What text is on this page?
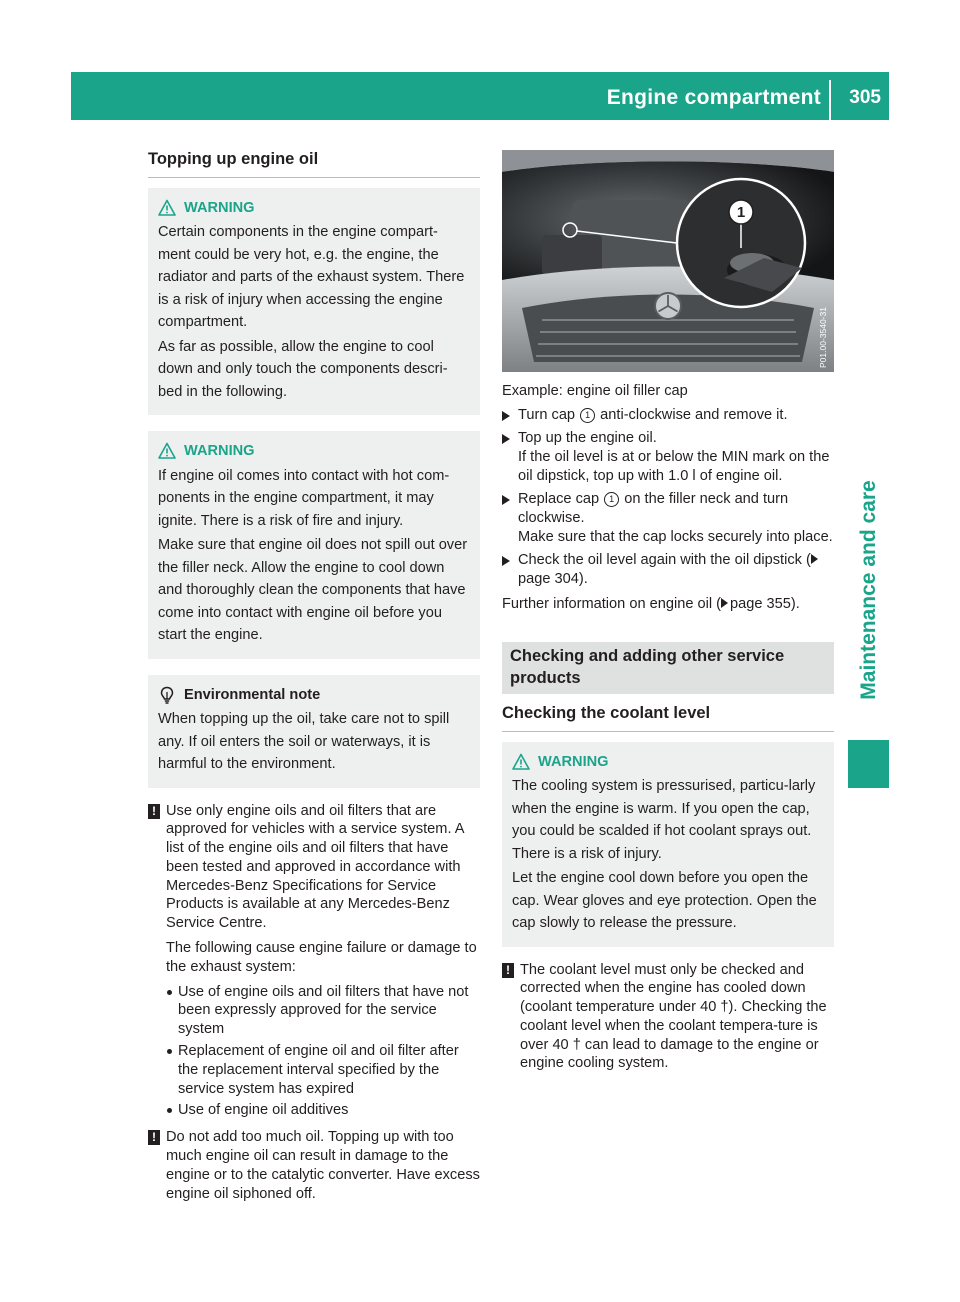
Engine compartment 305
Maintenance and care
Topping up engine oil
WARNING

Certain components in the engine compart-ment could be very hot, e.g. the engine, the radiator and parts of the exhaust system. There is a risk of injury when accessing the engine compartment.

As far as possible, allow the engine to cool down and only touch the components descri-bed in the following.

WARNING

If engine oil comes into contact with hot com-ponents in the engine compartment, it may ignite. There is a risk of fire and injury.

Make sure that engine oil does not spill out over the filler neck. Allow the engine to cool down and thoroughly clean the components that have come into contact with engine oil before you start the engine.

Environmental note

When topping up the oil, take care not to spill any. If oil enters the soil or waterways, it is harmful to the environment.

! Use only engine oils and oil filters that are approved for vehicles with a service system. A list of the engine oils and oil filters that have been tested and approved in accordance with Mercedes-Benz Specifications for Service Products is available at any Mercedes-Benz Service Centre.

The following cause engine failure or damage to the exhaust system:

Use of engine oils and oil filters that have not been expressly approved for the service system
Replacement of engine oil and oil filter after the replacement interval specified by the service system has expired
Use of engine oil additives
! Do not add too much oil. Topping up with too much engine oil can result in damage to the engine or to the catalytic converter. Have excess engine oil siphoned off.

1
P01.00-3540-31
Example: engine oil filler cap
Turn cap 1 anti-clockwise and remove it.
Top up the engine oil.
If the oil level is at or below the MIN mark on the oil dipstick, top up with 1.0 l of engine oil.
Replace cap 1 on the filler neck and turn clockwise.
Make sure that the cap locks securely into place.
Check the oil level again with the oil dipstick (page 304).
Further information on engine oil ( page 355).
Checking and adding other service products
Checking the coolant level
WARNING

The cooling system is pressurised, particu-larly when the engine is warm. If you open the cap, you could be scalded if hot coolant sprays out. There is a risk of injury.

Let the engine cool down before you open the cap. Wear gloves and eye protection. Open the cap slowly to release the pressure.

! The coolant level must only be checked and corrected when the engine has cooled down (coolant temperature under 40 †). Checking the coolant level when the coolant tempera-ture is over 40 † can lead to damage to the engine or engine cooling system.
